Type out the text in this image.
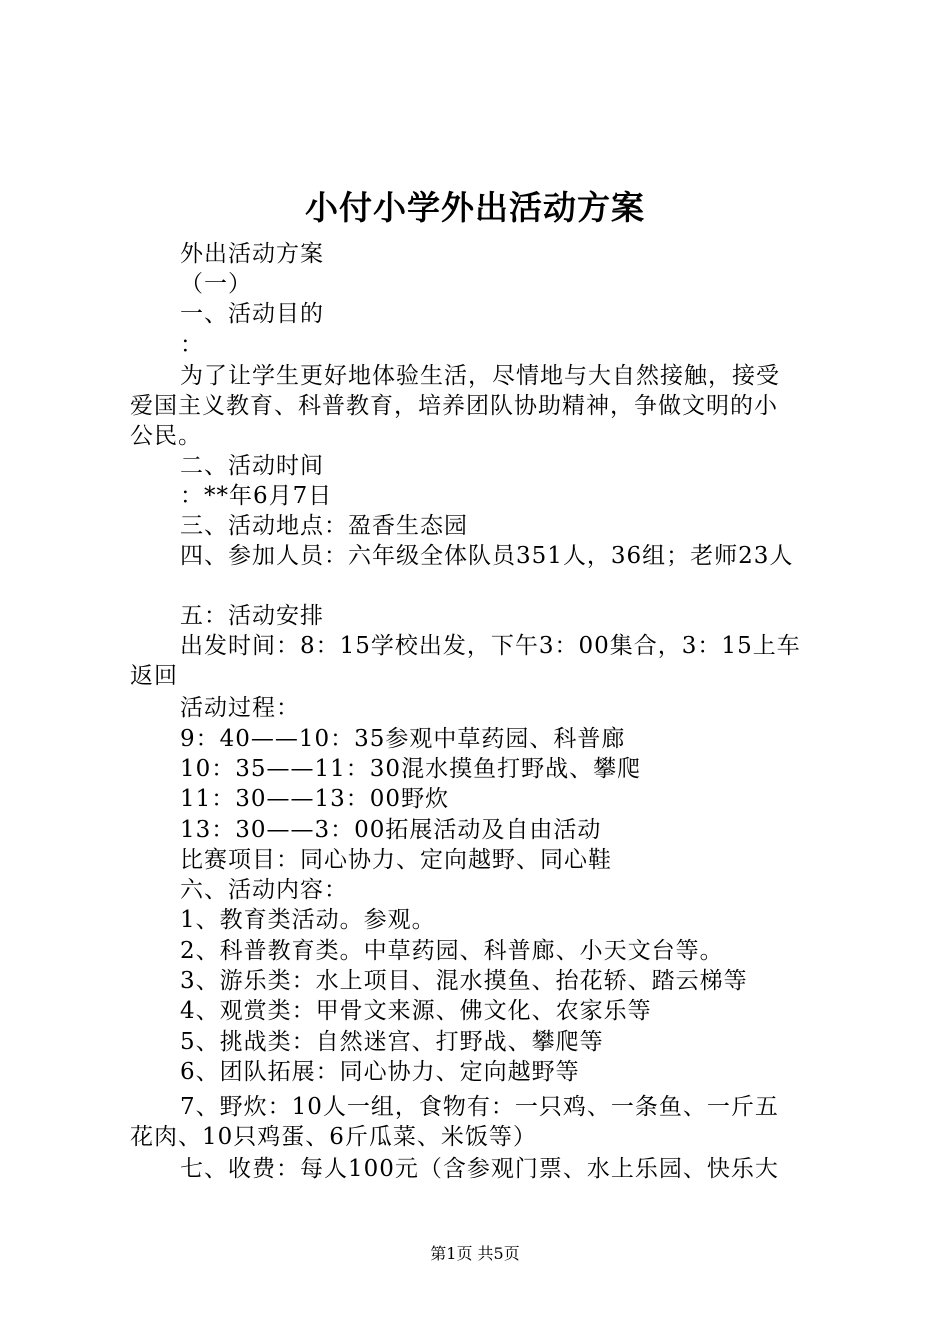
小付小学外出活动方案
外出活动方案
（一）
一、活动目的
：
为了让学生更好地体验生活，尽情地与大自然接触，接受
爱国主义教育、科普教育，培养团队协助精神，争做文明的小
公民。
二、活动时间
：**年6月7日
三、活动地点：盈香生态园
四、参加人员：六年级全体队员351人，36组；老师23人
五：活动安排
出发时间：8：15学校出发，下午3：00集合，3：15上车
返回
活动过程：
9：40——10：35参观中草药园、科普廊
10：35——11：30混水摸鱼打野战、攀爬
11：30——13：00野炊
13：30——3：00拓展活动及自由活动
比赛项目：同心协力、定向越野、同心鞋
六、活动内容：
1、教育类活动。参观。
2、科普教育类。中草药园、科普廊、小天文台等。
3、游乐类：水上项目、混水摸鱼、抬花轿、踏云梯等
4、观赏类：甲骨文来源、佛文化、农家乐等
5、挑战类：自然迷宫、打野战、攀爬等
6、团队拓展：同心协力、定向越野等
7、野炊：10人一组，食物有：一只鸡、一条鱼、一斤五
花肉、10只鸡蛋、6斤瓜菜、米饭等）
七、收费：每人100元（含参观门票、水上乐园、快乐大
第1页 共5页
